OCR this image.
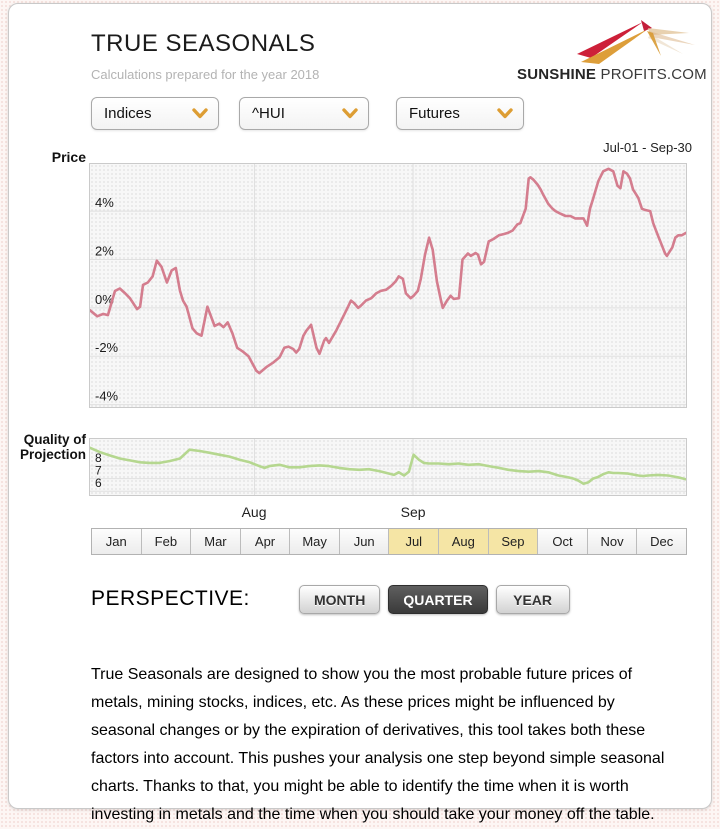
TRUE SEASONALS
Calculations prepared for the year 2018	SUNSHINE PROFITS.COM
Indices	^HUI	Futures
Jul-01 - Sep-30
Price
4%
2%
0%
-2%
-4%
Quality of
Projection 8
7
6
Aug	Sep
Jan	Feb	Mar	Apr	May	Jun	Jul	Aug	Sep	Oct	Nov	Dec
PERSPECTIVE:	MONTH	QUARTER	YEAR
True Seasonals are designed to show you the most probable future prices of metals, mining stocks, indices, etc. As these prices might be influenced by seasonal changes or by the expiration of derivatives, this tool takes both these factors into account. This pushes your analysis one step beyond simple seasonal charts. Thanks to that, you might be able to identify the time when it is worth investing in metals and the time when you should take your money off the table.
